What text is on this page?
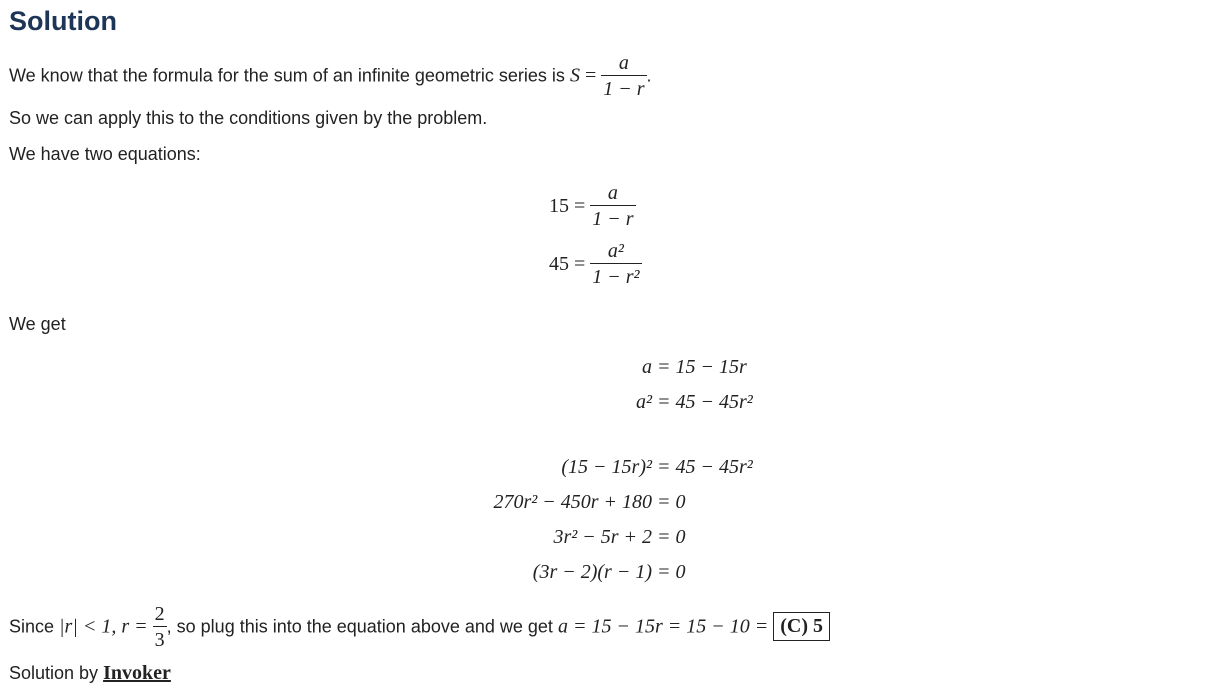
Solution
We know that the formula for the sum of an infinite geometric series is $S = \frac{a}{1 - r}$ .
So we can apply this to the conditions given by the problem.
We have two equations:
$15 = \frac{a}{1 - r}$
$45 = \frac{\text{a²}}{\text{1 − r²}}$
We get
a = 15 − 15r
a² = 45 − 45r²
(15 − 15r)² = 45 − 45r²
270r² − 450r + 180 = 0
3r² − 5r + 2 = 0
(3r − 2)(r − 1) = 0
Since |r| < 1, $r = \frac{2}{3}$ , so plug this into the equation above and we get a = 15 − 15r = 15 − 10 = (C) 5
Solution by Invoker
